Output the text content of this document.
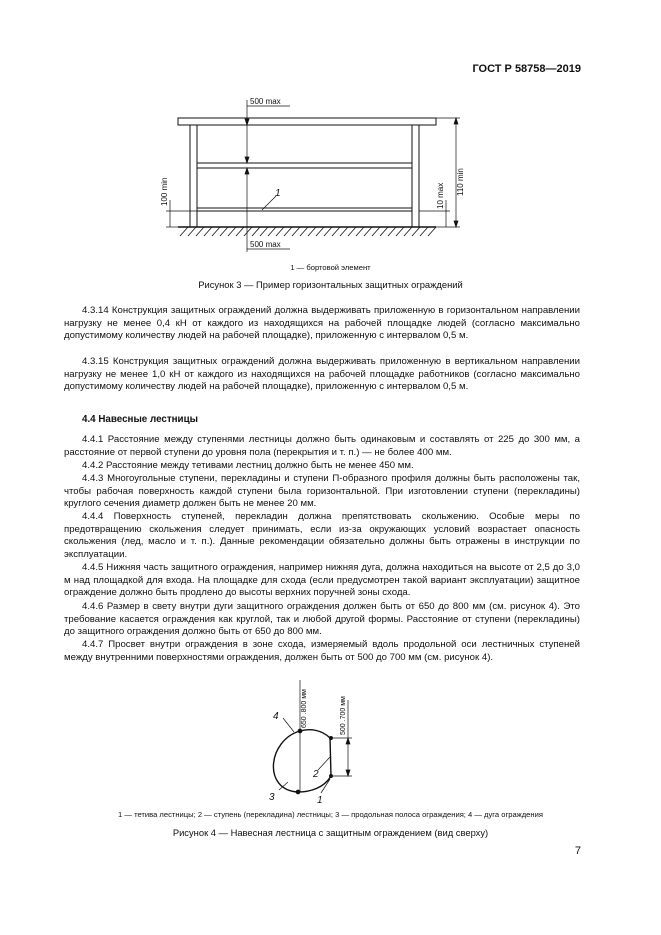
ГОСТ Р 58758—2019
500 max
500 max
100 min	110 min
10 max
1
1 — бортовой элемент
Рисунок 3 — Пример горизонтальных защитных ограждений
4.3.14 Конструкция защитных ограждений должна выдерживать приложенную в горизонтальном направлении нагрузку не менее 0,4 кН от каждого из находящихся на рабочей площадке людей (согласно максимально допустимому количеству людей на рабочей площадке), приложенную с интервалом 0,5 м.
4.3.15 Конструкция защитных ограждений должна выдерживать приложенную в вертикальном направлении нагрузку не менее 1,0 кН от каждого из находящихся на рабочей площадке работников (согласно максимально допустимому количеству людей на рабочей площадке), приложенную с интервалом 0,5 м.
4.4 Навесные лестницы
4.4.1 Расстояние между ступенями лестницы должно быть одинаковым и составлять от 225 до 300 мм, а расстояние от первой ступени до уровня пола (перекрытия и т. п.) — не более 400 мм.
4.4.2 Расстояние между тетивами лестниц должно быть не менее 450 мм.
4.4.3 Многоугольные ступени, перекладины и ступени П-образного профиля должны быть расположены так, чтобы рабочая поверхность каждой ступени была горизонтальной. При изготовлении ступени (перекладины) круглого сечения диаметр должен быть не менее 20 мм.
4.4.4 Поверхность ступеней, перекладин должна препятствовать скольжению. Особые меры по предотвращению скольжения следует принимать, если из-за окружающих условий возрастает опасность скольжения (лед, масло и т. п.). Данные рекомендации обязательно должны быть отражены в инструкции по эксплуатации.
4.4.5 Нижняя часть защитного ограждения, например нижняя дуга, должна находиться на высоте от 2,5 до 3,0 м над площадкой для входа. На площадке для схода (если предусмотрен такой вариант эксплуатации) защитное ограждение должно быть продлено до высоты верхних поручней зоны схода.
4.4.6 Размер в свету внутри дуги защитного ограждения должен быть от 650 до 800 мм (см. рисунок 4). Это требование касается ограждения как круглой, так и любой другой формы. Расстояние от ступени (перекладины) до защитного ограждения должно быть от 650 до 800 мм.
4.4.7 Просвет внутри ограждения в зоне схода, измеряемый вдоль продольной оси лестничных ступеней между внутренними поверхностями ограждения, должен быть от 500 до 700 мм (см. рисунок 4).
650 .800 мм	500 .700 мм
4
2
3	1
1 — тетива лестницы; 2 — ступень (перекладина) лестницы; 3 — продольная полоса ограждения; 4 — дуга ограждения
Рисунок 4 — Навесная лестница с защитным ограждением (вид сверху)
7
